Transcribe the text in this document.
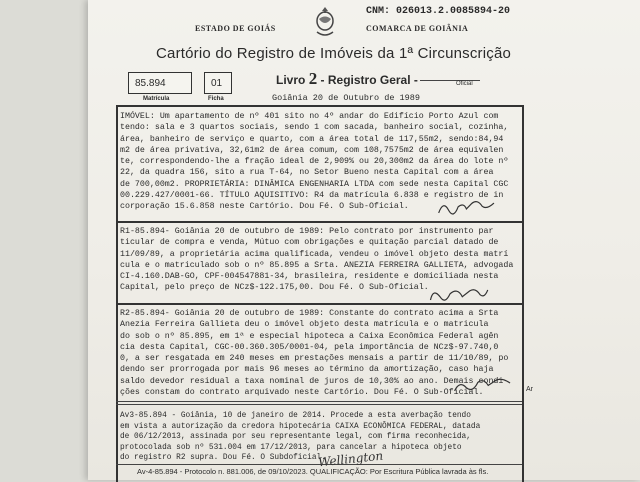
ESTADO DE GOIÁS
CNM: 026013.2.0085894-20
COMARCA DE GOIÂNIA
Cartório do Registro de Imóveis da 1ª Circunscrição
85.894
Matrícula
01
Ficha
Livro 2 - Registro Geral -	Oficial
Goiânia 20 de Outubro de 1989
IMÓVEL: Um apartamento de nº 401 sito no 4º andar do Edifício Porto Azul com
tendo: sala e 3 quartos sociais, sendo 1 com sacada, banheiro social, cozinha,
área, banheiro de serviço e quarto, com a área total de 117,55m2, sendo:84,94
m2 de área privativa, 32,61m2 de área comum, com 108,7575m2 de área equivalen
te, correspondendo-lhe a fração ideal de 2,909% ou 20,300m2 da área do lote nº
22, da quadra 156, sito a rua T-64, no Setor Bueno nesta Capital com a área
de 700,00m2. PROPRIETÁRIA: DINÂMICA ENGENHARIA LTDA com sede nesta Capital CGC
00.229.427/0001-66. TÍTULO AQUISITIVO: R4 da matrícula 6.838 e registro de in
corporação 15.6.858 neste Cartório. Dou Fé. O Sub-Oficial.
R1-85.894- Goiânia 20 de outubro de 1989: Pelo contrato por instrumento par
ticular de compra e venda, Mútuo com obrigações e quitação parcial datado de
11/09/89, a proprietária acima qualificada, vendeu o imóvel objeto desta matrí
cula e o matriculado sob o nº 85.895 a Srta. ANEZIA FERREIRA GALLIETA, advogada
CI-4.160.DAB-GO, CPF-004547881-34, brasileira, residente e domiciliada nesta
Capital, pelo preço de NCz$-122.175,00. Dou Fé. O Sub-Oficial.
R2-85.894- Goiânia 20 de outubro de 1989: Constante do contrato acima a Srta
Anezia Ferreira Gallieta deu o imóvel objeto desta matrícula e o matricula
do sob o nº 85.895, em 1ª e especial hipoteca a Caixa Econômica Federal agên
cia desta Capital, CGC-00.360.305/0001-04, pela importância de NCz$-97.740,0
0, a ser resgatada em 240 meses em prestações mensais a partir de 11/10/89, po
dendo ser prorrogada por mais 96 meses ao término da amortização, caso haja
saldo devedor residual a taxa nominal de juros de 10,30% ao ano. Demais condi
ções constam do contrato arquivado neste Cartório. Dou Fé. O Sub-Oficial.
Av3-85.894 - Goiânia, 10 de janeiro de 2014. Procede a esta averbação tendo
em vista a autorização da credora hipotecária CAIXA ECONÔMICA FEDERAL, datada
de 06/12/2013, assinada por seu representante legal, com firma reconhecida,
protocolada sob nº 531.004 em 17/12/2013, para cancelar a hipoteca objeto
do registro R2 supra. Dou Fé. O Subdoficial.
Av-4-85.894 - Protocolo n. 881.006, de 09/10/2023. QUALIFICAÇÃO: Por Escritura Pública lavrada às fls.
Ar
Wellington
